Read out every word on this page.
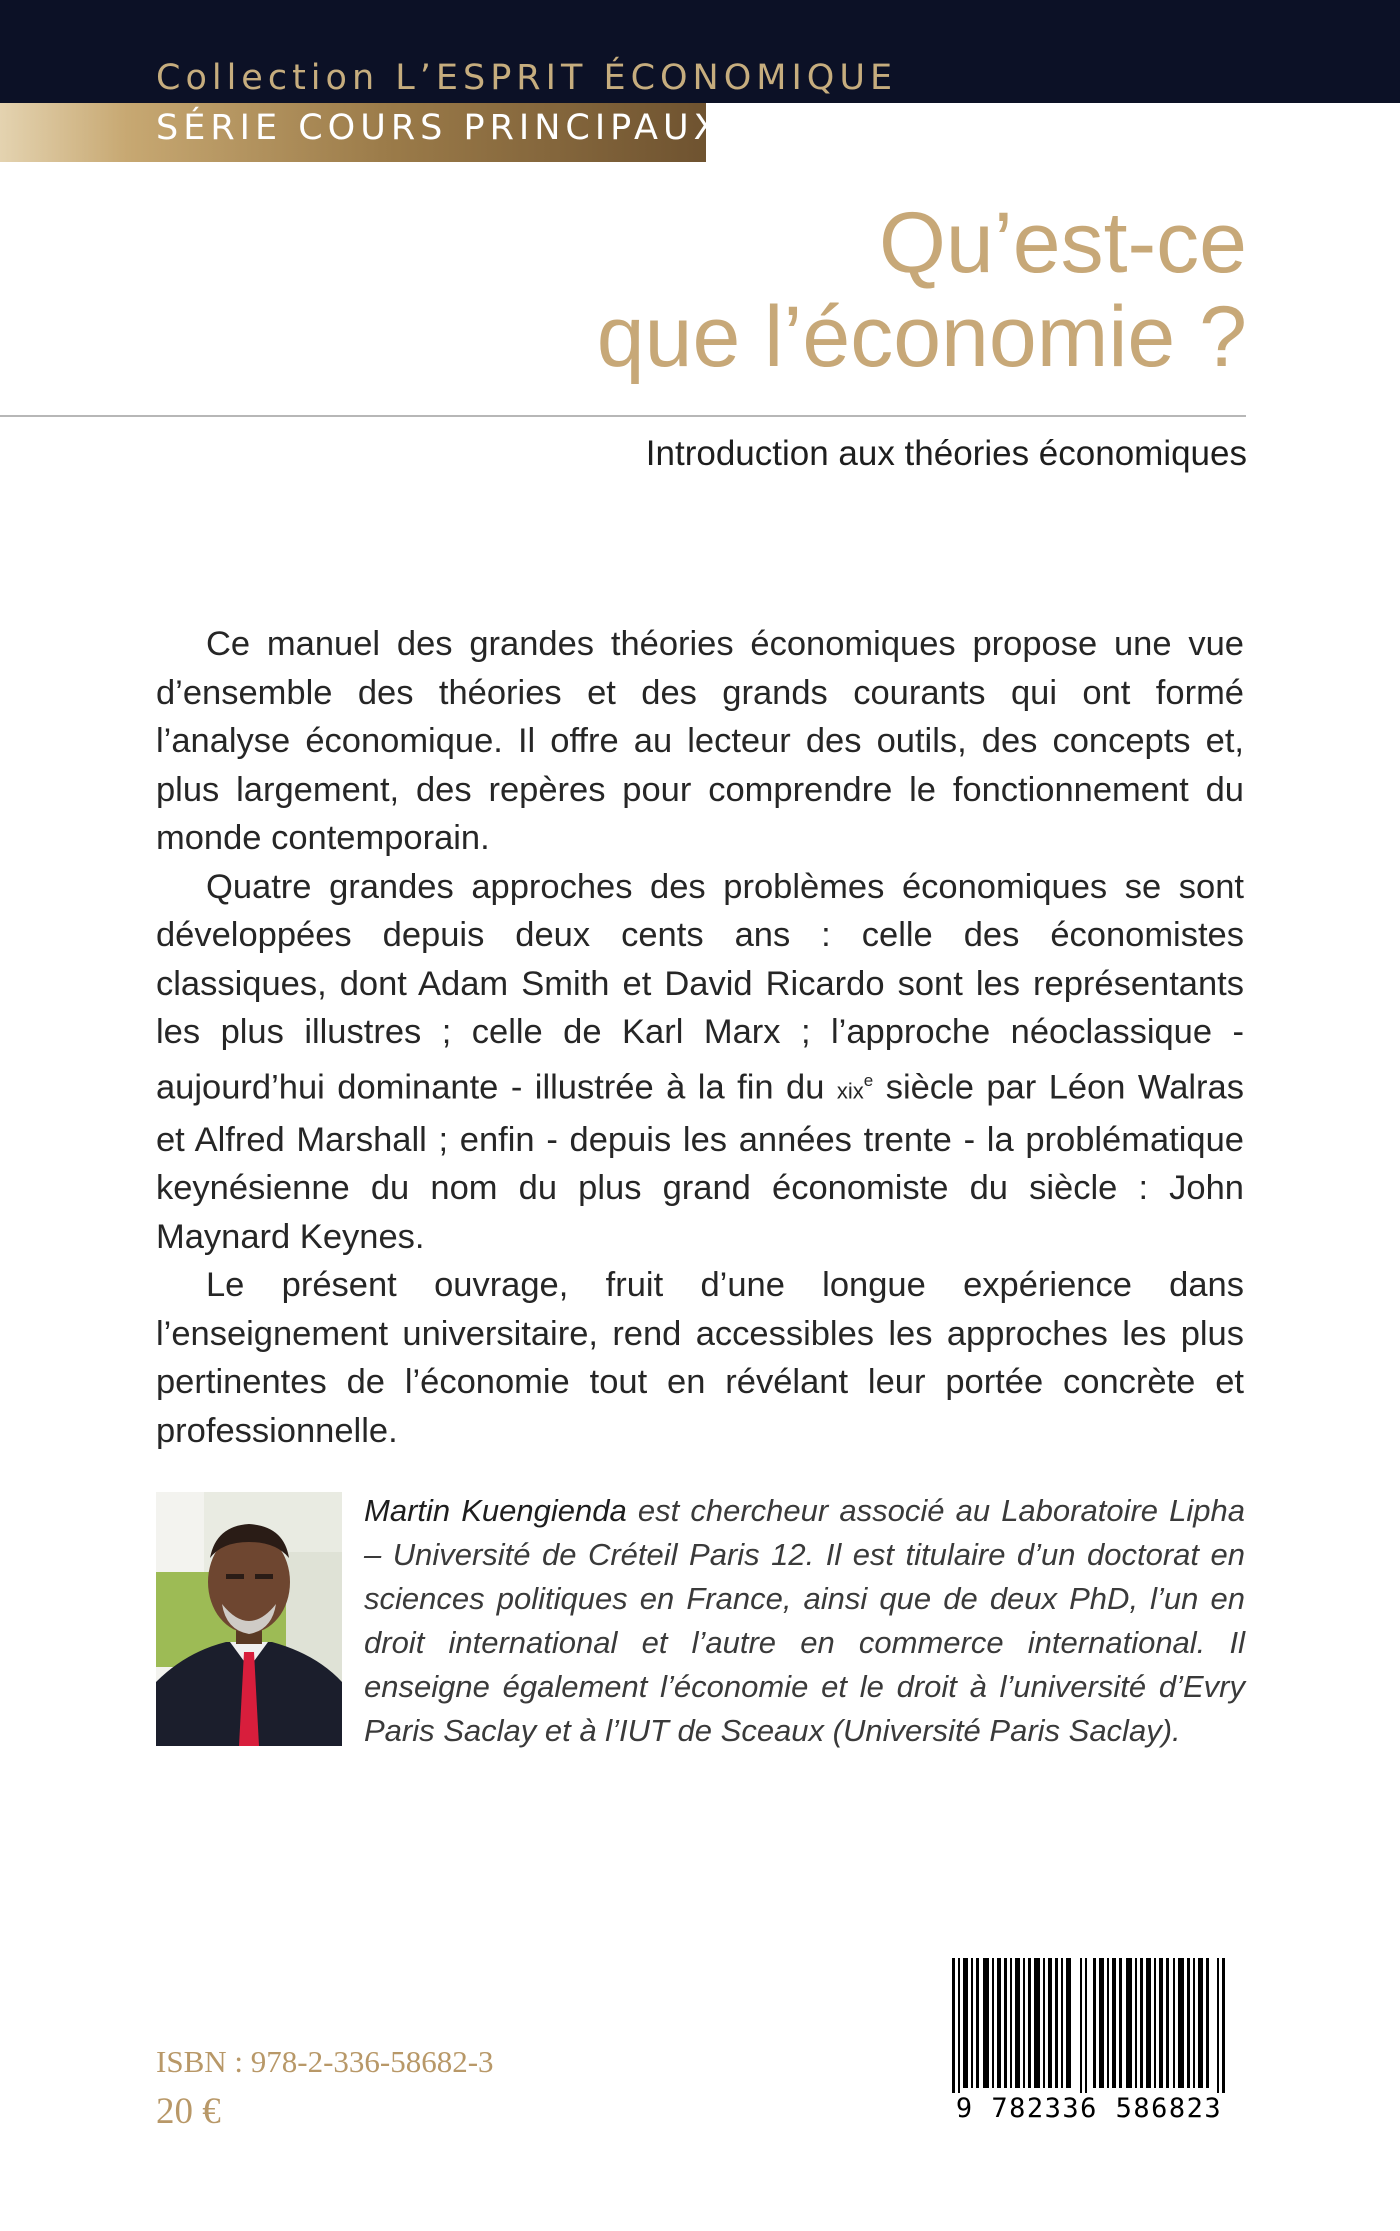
Collection L’ESPRIT ÉCONOMIQUE
SÉRIE COURS PRINCIPAUX
Qu’est-ce
que l’économie ?
Introduction aux théories économiques

Ce manuel des grandes théories économiques propose une vue d’ensemble des théories et des grands courants qui ont formé l’analyse économique. Il offre au lecteur des outils, des concepts et, plus largement, des repères pour comprendre le fonctionnement du monde contemporain.

Quatre grandes approches des problèmes économiques se sont développées depuis deux cents ans : celle des économistes classiques, dont Adam Smith et David Ricardo sont les représentants les plus illustres ; celle de Karl Marx ; l’approche néoclassique - aujourd’hui dominante - illustrée à la fin du xix$^e$ siècle par Léon Walras et Alfred Marshall ; enfin - depuis les années trente - la problématique keynésienne du nom du plus grand économiste du siècle : John Maynard Keynes.

Le présent ouvrage, fruit d’une longue expérience dans l’enseignement universitaire, rend accessibles les approches les plus pertinentes de l’économie tout en révélant leur portée concrète et professionnelle.

Martin Kuengienda est chercheur associé au Laboratoire Lipha – Université de Créteil Paris 12. Il est titulaire d’un doctorat en sciences politiques en France, ainsi que de deux PhD, l’un en droit international et l’autre en commerce international. Il enseigne également l’économie et le droit à l’université d’Evry Paris Saclay et à l’IUT de Sceaux (Université Paris Saclay).

ISBN : 978-2-336-58682-3
20 €	9 782336 586823
